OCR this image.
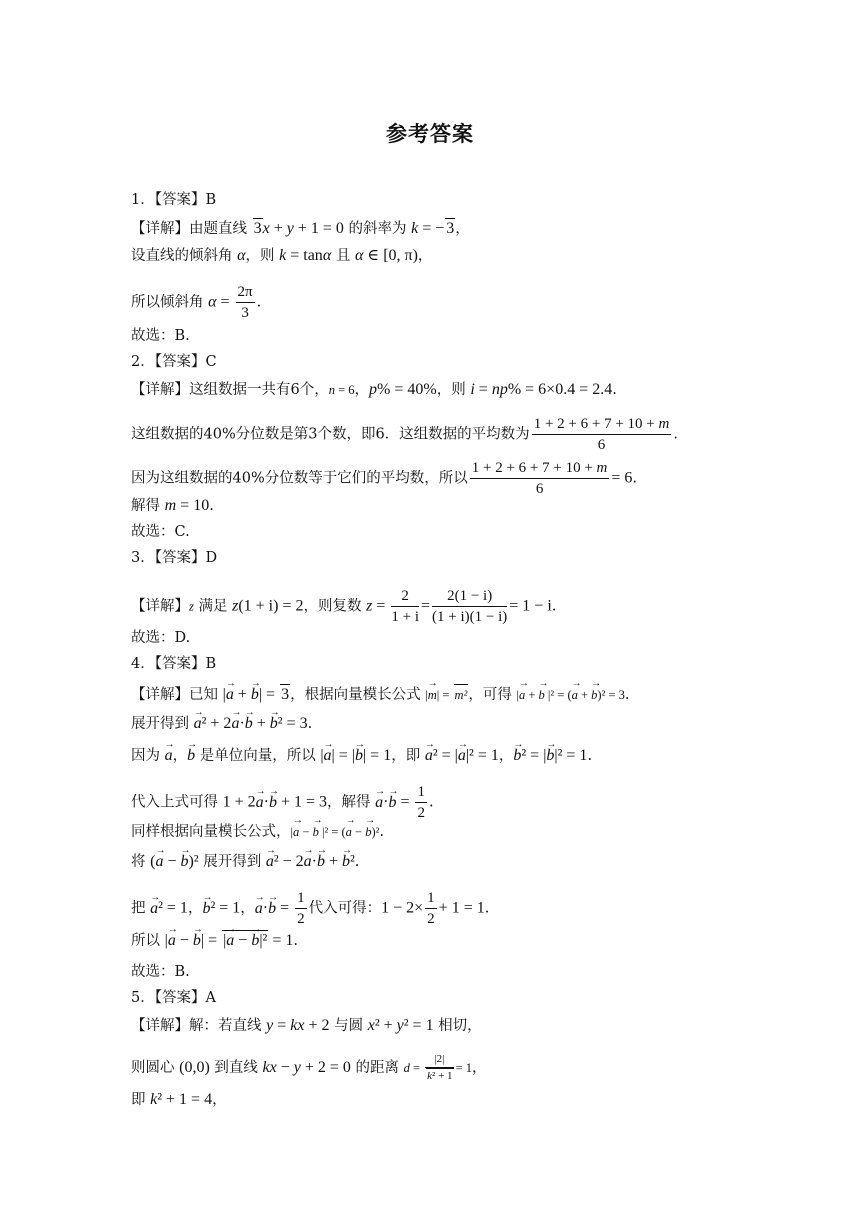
参考答案
1．【答案】B
【详解】由题直线 3x + y + 1 = 0 的斜率为 k = − 3，
设直线的倾斜角 α，则 k = tanα 且 α ∈ [0, π)，
所以倾斜角 $\alpha = \frac{2\pi}{3}$ .
故选：B.
2．【答案】C
【详解】这组数据一共有6个，n = 6，p% = 40%，则 i = np% = 6×0.4 = 2.4.
这组数据的40%分位数是第3个数，即6．这组数据的平均数为 $\frac{1 + 2 + 6 + 7 + 10 + m}{6}$ .
因为这组数据的40%分位数等于它们的平均数，所以 $\frac{1 + 2 + 6 + 7 + 10 + m}{6} = 6$.
解得 m = 10.
故选：C.
3．【答案】D
【详解】z 满足 z(1 + i) = 2，则复数 $z = \frac{2}{1 + i} = \frac{2(1 - i)}{(1 + i)(1 - i)} = 1 - i$.
故选：D.
4．【答案】B
【详解】已知 |→ a + → b| = 3，根据向量模长公式 |→ m| = m²，可得 |→ a + → b |² = (→ a + → b)² = 3.
展开得到 → a² + 2→ a·→ b + → b² = 3.
因为 → a，→ b 是单位向量，所以 |→ a| = |→ b| = 1，即 → a² = |→ a|² = 1，→ b² = |→ b|² = 1.
代入上式可得 1 + 2→ a·→ b + 1 = 3，解得 → $a\cdot\to b = \frac{1}{2}$ .
同样根据向量模长公式，|→ a − → b |² = (→ a − → b)².
将 (→ a − → b)² 展开得到 → a² − 2→ a·→ b + → b².
把 → a² = 1，→ b² = 1，→ $a\cdot\to b = \frac{1}{2}$ 代入可得：$1 - 2\times \frac{1}{2} + 1 = 1$.
所以 |→ a − → b| = |→ a − → b|² = 1.
故选：B.
5．【答案】A
【详解】解：若直线 y = kx + 2 与圆 x² + y² = 1 相切，
则圆心 (0,0) 到直线 kx − y + 2 = 0 的距离 $d = \frac{|2|}{\text{k² + 1}} = 1$，
即 k² + 1 = 4，
